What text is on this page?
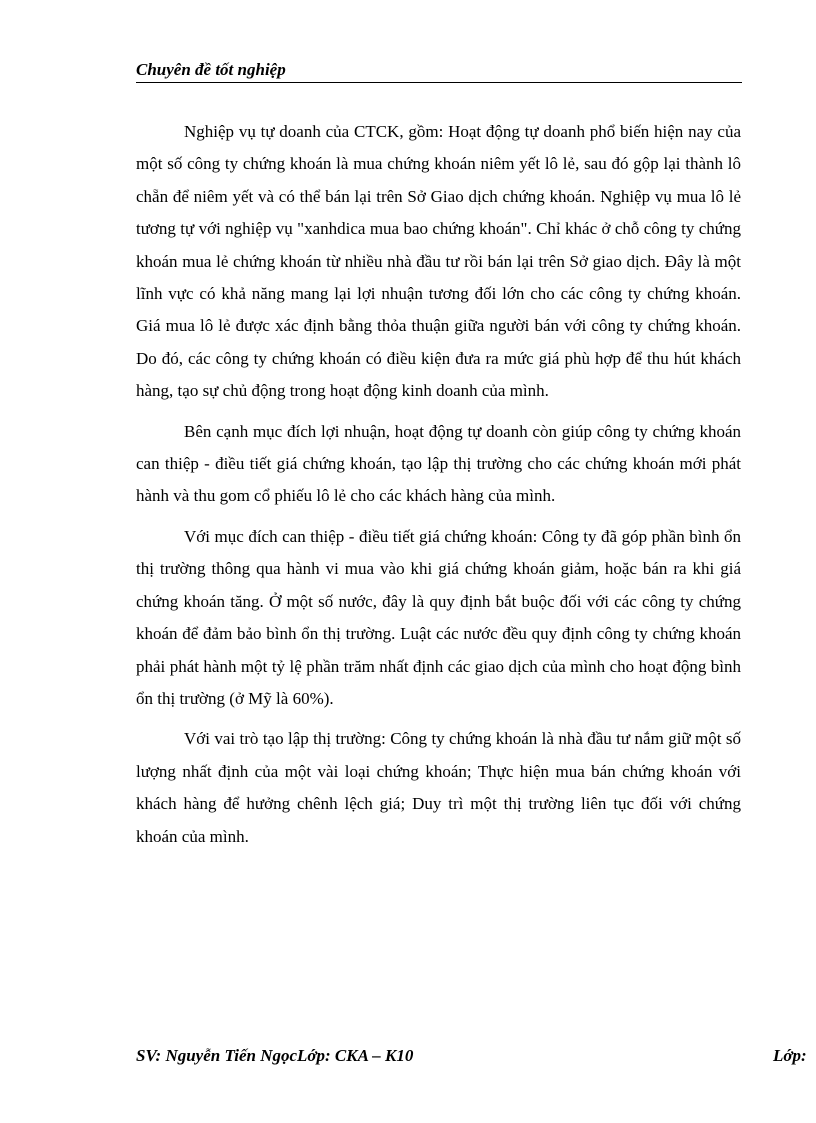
Chuyên đề tốt nghiệp

Nghiệp vụ tự doanh của CTCK, gồm: Hoạt động tự doanh phổ biến hiện nay của một số công ty chứng khoán là mua chứng khoán niêm yết lô lẻ, sau đó gộp lại thành lô chẵn để niêm yết và có thể bán lại trên Sở Giao dịch chứng khoán. Nghiệp vụ mua lô lẻ tương tự với nghiệp vụ "xanhdica mua bao chứng khoán". Chỉ khác ở chỗ công ty chứng khoán mua lẻ chứng khoán từ nhiều nhà đầu tư rồi bán lại trên Sở giao dịch. Đây là một lĩnh vực có khả năng mang lại lợi nhuận tương đối lớn cho các công ty chứng khoán. Giá mua lô lẻ được xác định bằng thỏa thuận giữa người bán với công ty chứng khoán. Do đó, các công ty chứng khoán có điều kiện đưa ra mức giá phù hợp để thu hút khách hàng, tạo sự chủ động trong hoạt động kinh doanh của mình.

Bên cạnh mục đích lợi nhuận, hoạt động tự doanh còn giúp công ty chứng khoán can thiệp - điều tiết giá chứng khoán, tạo lập thị trường cho các chứng khoán mới phát hành và thu gom cổ phiếu lô lẻ cho các khách hàng của mình.

Với mục đích can thiệp - điều tiết giá chứng khoán: Công ty đã góp phần bình ổn thị trường thông qua hành vi mua vào khi giá chứng khoán giảm, hoặc bán ra khi giá chứng khoán tăng. Ở một số nước, đây là quy định bắt buộc đối với các công ty chứng khoán để đảm bảo bình ổn thị trường. Luật các nước đều quy định công ty chứng khoán phải phát hành một tỷ lệ phần trăm nhất định các giao dịch của mình cho hoạt động bình ổn thị trường (ở Mỹ là 60%).

Với vai trò tạo lập thị trường: Công ty chứng khoán là nhà đầu tư nắm giữ một số lượng nhất định của một vài loại chứng khoán; Thực hiện mua bán chứng khoán với khách hàng để hưởng chênh lệch giá; Duy trì một thị trường liên tục đối với chứng khoán của mình.

SV: Nguyễn Tiến NgọcLớp: CKA – K10	Lớp:
